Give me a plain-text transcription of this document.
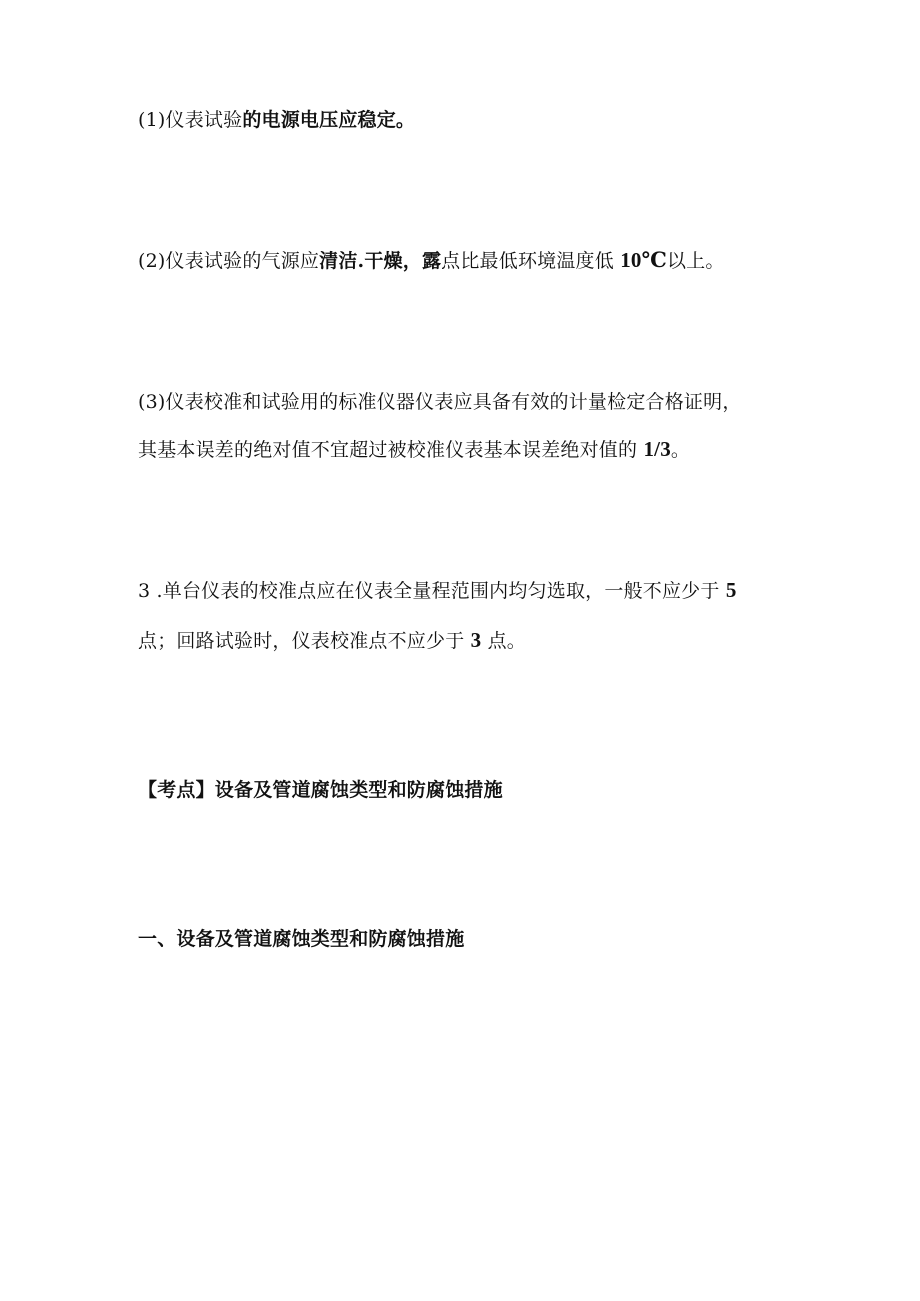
(1)仪表试验的电源电压应稳定。
(2)仪表试验的气源应清洁.干燥，露点比最低环境温度低 10℃以上。
(3)仪表校准和试验用的标准仪器仪表应具备有效的计量检定合格证明，
其基本误差的绝对值不宜超过被校准仪表基本误差绝对值的 1/3。
3 .单台仪表的校准点应在仪表全量程范围内均匀选取，一般不应少于 5
点；回路试验时，仪表校准点不应少于 3 点。
【考点】设备及管道腐蚀类型和防腐蚀措施
一、设备及管道腐蚀类型和防腐蚀措施
